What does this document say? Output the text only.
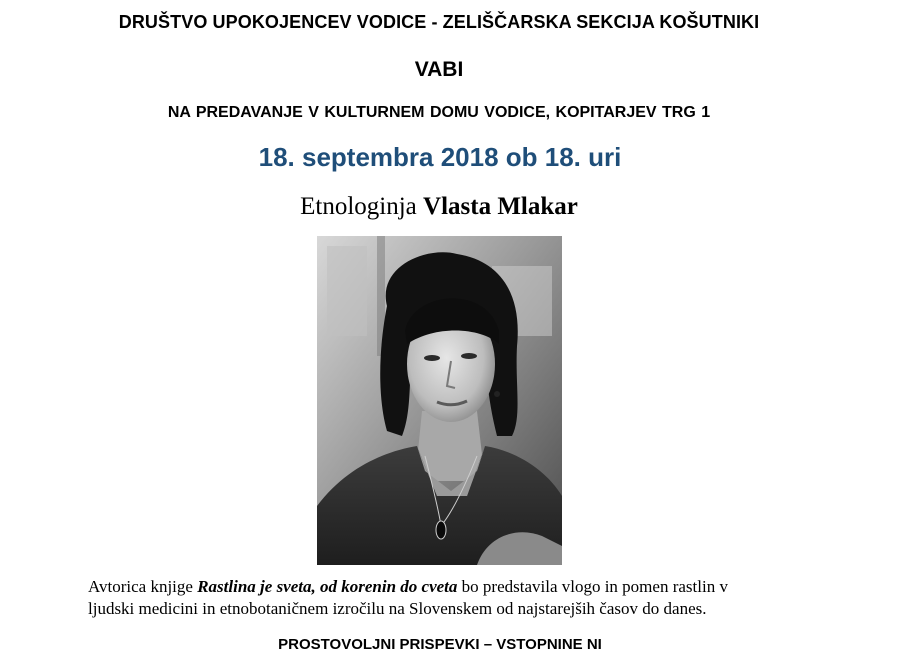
DRUŠTVO UPOKOJENCEV VODICE - ZELIŠČARSKA SEKCIJA KOŠUTNIKI
VABI
NA PREDAVANJE V KULTURNEM DOMU VODICE, KOPITARJEV TRG 1
18. septembra 2018 ob 18. uri
Etnologinja Vlasta Mlakar
Avtorica knjige Rastlina je sveta, od korenin do cveta bo predstavila vlogo in pomen rastlin v
ljudski medicini in etnobotaničnem izročilu na Slovenskem od najstarejših časov do danes.
PROSTOVOLJNI PRISPEVKI – VSTOPNINE NI
